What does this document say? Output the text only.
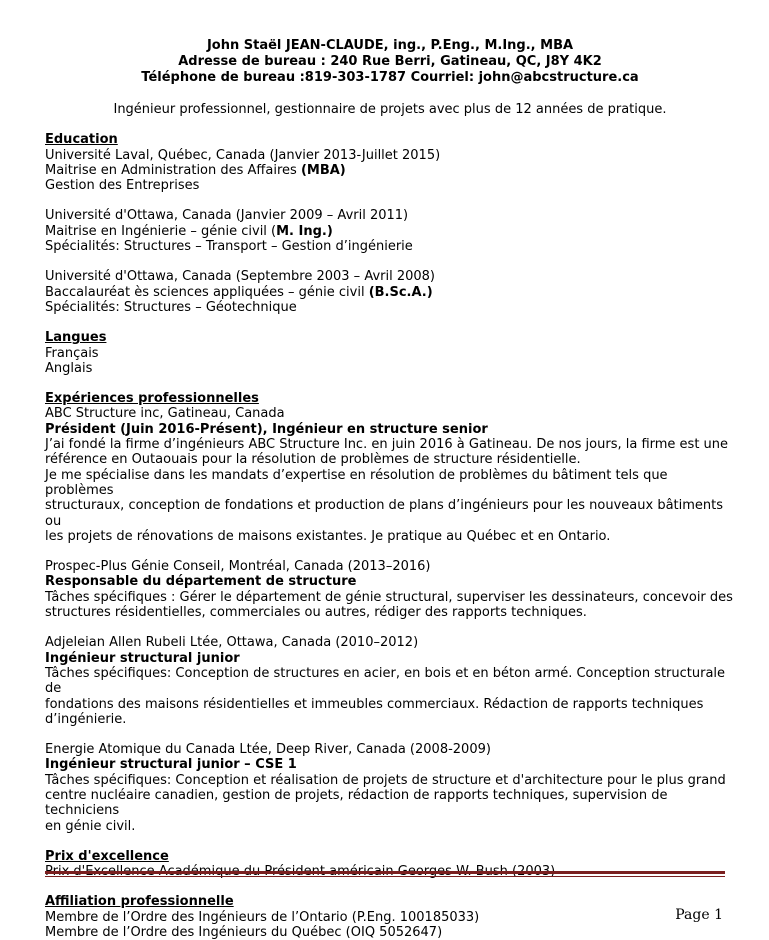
John Staël JEAN-CLAUDE, ing., P.Eng., M.Ing., MBA
Adresse de bureau : 240 Rue Berri, Gatineau, QC, J8Y 4K2
Téléphone de bureau :819-303-1787 Courriel: john@abcstructure.ca
Ingénieur professionnel, gestionnaire de projets avec plus de 12 années de pratique.
Education
Université Laval, Québec, Canada (Janvier 2013-Juillet 2015)
Maitrise en Administration des Affaires (MBA)
Gestion des Entreprises
Université d'Ottawa, Canada (Janvier 2009 – Avril 2011)
Maitrise en Ingénierie – génie civil (M. Ing.)
Spécialités: Structures – Transport – Gestion d’ingénierie
Université d'Ottawa, Canada (Septembre 2003 – Avril 2008)
Baccalauréat ès sciences appliquées – génie civil (B.Sc.A.)
Spécialités: Structures – Géotechnique
Langues
Français
Anglais
Expériences professionnelles
ABC Structure inc, Gatineau, Canada
Président (Juin 2016-Présent), Ingénieur en structure senior
J’ai fondé la firme d’ingénieurs ABC Structure Inc. en juin 2016 à Gatineau. De nos jours, la firme est une
référence en Outaouais pour la résolution de problèmes de structure résidentielle.
Je me spécialise dans les mandats d’expertise en résolution de problèmes du bâtiment tels que problèmes
structuraux, conception de fondations et production de plans d’ingénieurs pour les nouveaux bâtiments ou
les projets de rénovations de maisons existantes. Je pratique au Québec et en Ontario.
Prospec-Plus Génie Conseil, Montréal, Canada (2013–2016)
Responsable du département de structure
Tâches spécifiques : Gérer le département de génie structural, superviser les dessinateurs, concevoir des
structures résidentielles, commerciales ou autres, rédiger des rapports techniques.
Adjeleian Allen Rubeli Ltée, Ottawa, Canada (2010–2012)
Ingénieur structural junior
Tâches spécifiques: Conception de structures en acier, en bois et en béton armé. Conception structurale de
fondations des maisons résidentielles et immeubles commerciaux. Rédaction de rapports techniques
d’ingénierie.
Energie Atomique du Canada Ltée, Deep River, Canada (2008-2009)
Ingénieur structural junior – CSE 1
Tâches spécifiques: Conception et réalisation de projets de structure et d'architecture pour le plus grand
centre nucléaire canadien, gestion de projets, rédaction de rapports techniques, supervision de techniciens
en génie civil.
Prix d'excellence
Affiliation professionnelle
Membre de l’Ordre des Ingénieurs de l’Ontario (P.Eng. 100185033)
Membre de l’Ordre des Ingénieurs du Québec (OIQ 5052647)
Page 1
